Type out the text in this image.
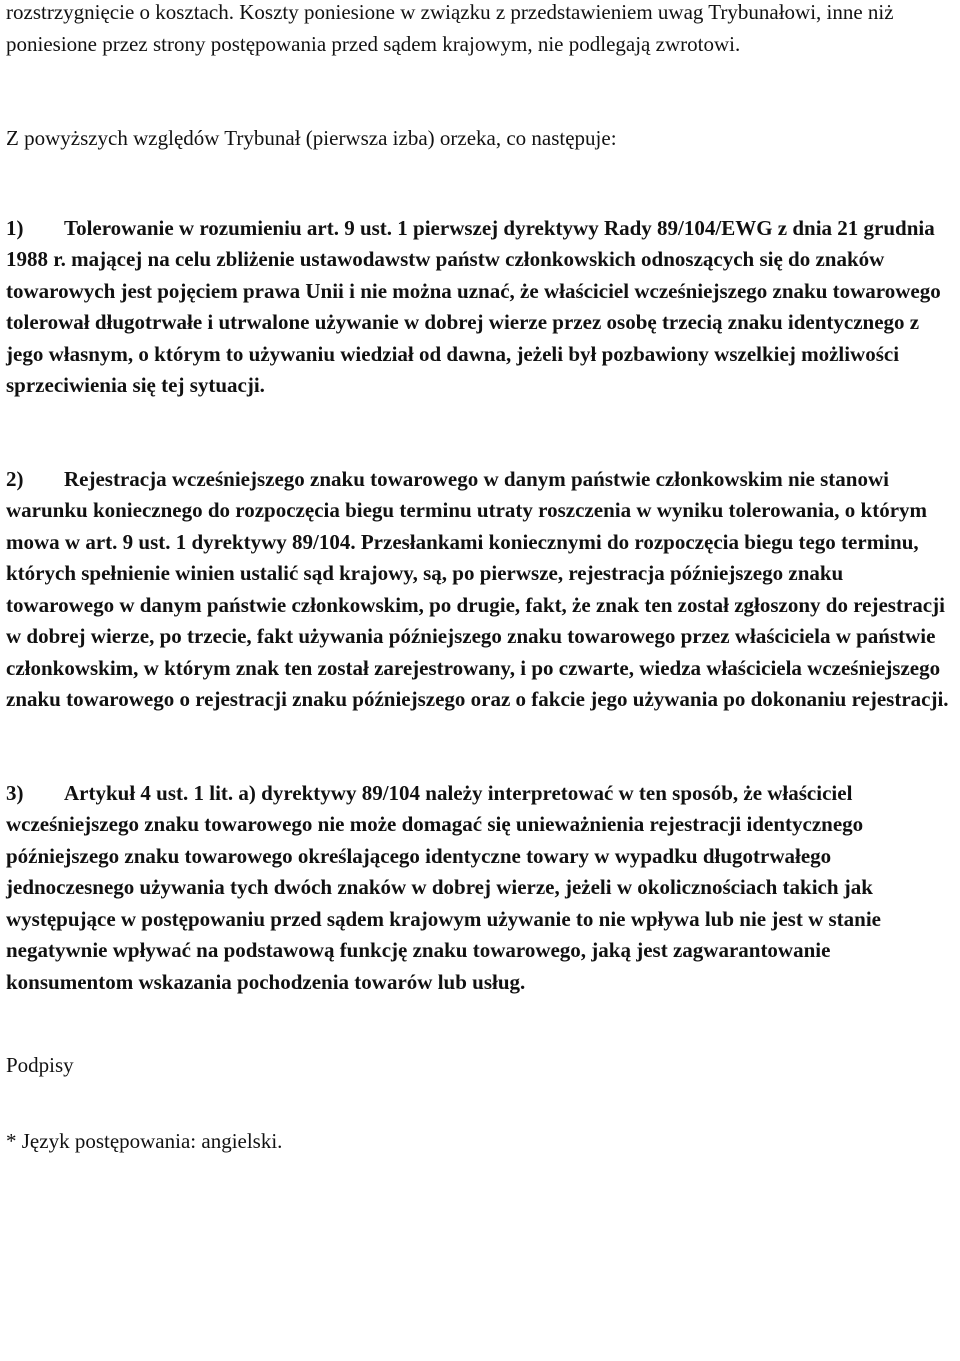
rozstrzygnięcie o kosztach. Koszty poniesione w związku z przedstawieniem uwag Trybunałowi, inne niż poniesione przez strony postępowania przed sądem krajowym, nie podlegają zwrotowi.

Z powyższych względów Trybunał (pierwsza izba) orzeka, co następuje:

1) Tolerowanie w rozumieniu art. 9 ust. 1 pierwszej dyrektywy Rady 89/104/EWG z dnia 21 grudnia 1988 r. mającej na celu zbliżenie ustawodawstw państw członkowskich odnoszących się do znaków towarowych jest pojęciem prawa Unii i nie można uznać, że właściciel wcześniejszego znaku towarowego tolerował długotrwałe i utrwalone używanie w dobrej wierze przez osobę trzecią znaku identycznego z jego własnym, o którym to używaniu wiedział od dawna, jeżeli był pozbawiony wszelkiej możliwości sprzeciwienia się tej sytuacji.

2) Rejestracja wcześniejszego znaku towarowego w danym państwie członkowskim nie stanowi warunku koniecznego do rozpoczęcia biegu terminu utraty roszczenia w wyniku tolerowania, o którym mowa w art. 9 ust. 1 dyrektywy 89/104. Przesłankami koniecznymi do rozpoczęcia biegu tego terminu, których spełnienie winien ustalić sąd krajowy, są, po pierwsze, rejestracja późniejszego znaku towarowego w danym państwie członkowskim, po drugie, fakt, że znak ten został zgłoszony do rejestracji w dobrej wierze, po trzecie, fakt używania późniejszego znaku towarowego przez właściciela w państwie członkowskim, w którym znak ten został zarejestrowany, i po czwarte, wiedza właściciela wcześniejszego znaku towarowego o rejestracji znaku późniejszego oraz o fakcie jego używania po dokonaniu rejestracji.

3) Artykuł 4 ust. 1 lit. a) dyrektywy 89/104 należy interpretować w ten sposób, że właściciel wcześniejszego znaku towarowego nie może domagać się unieważnienia rejestracji identycznego późniejszego znaku towarowego określającego identyczne towary w wypadku długotrwałego jednoczesnego używania tych dwóch znaków w dobrej wierze, jeżeli w okolicznościach takich jak występujące w postępowaniu przed sądem krajowym używanie to nie wpływa lub nie jest w stanie negatywnie wpływać na podstawową funkcję znaku towarowego, jaką jest zagwarantowanie konsumentom wskazania pochodzenia towarów lub usług.

Podpisy

* Język postępowania: angielski.
